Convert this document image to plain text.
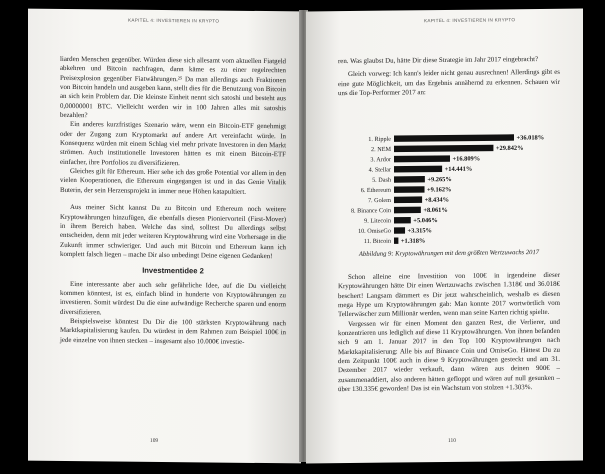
KAPITEL 4: INVESTIEREN IN KRYPTO

liarden Menschen gegenüber. Würden diese sich allesamt vom aktuellen Fiatgeld abkehren und Bitcoin nachfragen, dann käme es zu einer regelrechten Preisexplosion gegenüber Fiatwährungen.²⁵ Da man allerdings auch Fraktionen von Bitcoin handeln und ausgeben kann, stellt dies für die Benutzung von Bitcoin an sich kein Problem dar. Die kleinste Einheit nennt sich satoshi und besteht aus 0,00000001 BTC. Vielleicht werden wir in 100 Jahren alles mit satoshis bezahlen?

Ein anderes kurzfristiges Szenario wäre, wenn ein Bitcoin-ETF genehmigt oder der Zugang zum Kryptomarkt auf andere Art vereinfacht würde. In Konsequenz würden mit einem Schlag viel mehr private Investoren in den Markt strömen. Auch institutionelle Investoren hätten es mit einem Bitcoin-ETF einfacher, ihre Portfolios zu diversifizieren.

Gleiches gilt für Ethereum. Hier sehe ich das große Potential vor allem in den vielen Kooperationen, die Ethereum eingegangen ist und in das Genie Vitalik Buterin, der sein Herzensprojekt in immer neue Höhen katapultiert.

Aus meiner Sicht kannst Du zu Bitcoin und Ethereum noch weitere Kryptowährungen hinzufügen, die ebenfalls diesen Pioniervorteil (First-Mover) in ihrem Bereich haben. Welche das sind, solltest Du allerdings selbst entscheiden, denn mit jeder weiteren Kryptowährung wird eine Vorhersage in die Zukunft immer schwieriger. Und auch mit Bitcoin und Ethereum kann ich komplett falsch liegen – mache Dir also unbedingt Deine eigenen Gedanken!

Investmentidee 2

Eine interessante aber auch sehr gefährliche Idee, auf die Du vielleicht kommen könntest, ist es, einfach blind in hunderte von Kryptowährungen zu investieren. Somit würdest Du die eine aufwändige Recherche sparen und enorm diversifizieren.

Beispielsweise könntest Du Dir die 100 stärksten Kryptowährung nach Marktkapitalisierung kaufen. Du würdest in dem Rahmen zum Beispiel 100€ in jede einzelne von ihnen stecken – insgesamt also 10.000€ investie-

109
KAPITEL 4: INVESTIEREN IN KRYPTO

ren. Was glaubst Du, hätte Dir diese Strategie im Jahr 2017 eingebracht?

Gleich vorweg: Ich kann's leider nicht genau ausrechnen! Allerdings gibt es eine gute Möglichkeit, um das Ergebnis annähernd zu erkennen. Schauen wir uns die Top-Performer 2017 an:

1. Ripple	+36.018%
2. NEM	+29.842%
3. Ardor	+16.809%
4. Stellar	+14.441%
5. Dash	+9.265%
6. Ethereum	+9.162%
7. Golem	+8.434%
8. Binance Coin	+8.061%
9. Litecoin	+5.046%
10. OmiseGo	+3.315%
11. Bitcoin +1.318%
Abbildung 9: Kryptowährungen mit dem größten Wertzuwachs 2017

Schon alleine eine Investition von 100€ in irgendeine dieser Kryptowährungen hätte Dir einen Wertzuwachs zwischen 1.318€ und 36.018€ beschert! Langsam dämmert es Dir jetzt wahrscheinlich, weshalb es diesen mega Hype um Kryptowährungen gab: Man konnte 2017 wortwörtlich vom Tellerwäscher zum Millionär werden, wenn man seine Karten richtig spielte.

Vergessen wir für einen Moment den ganzen Rest, die Verlierer, und konzentrieren uns lediglich auf diese 11 Kryptowährungen. Von ihnen befanden sich 9 am 1. Januar 2017 in den Top 100 Kryptowährungen nach Marktkapitalisierung: Alle bis auf Binance Coin und OmiseGo. Hättest Du zu dem Zeitpunkt 100€ auch in diese 9 Kryptowährungen gesteckt und am 31. Dezember 2017 wieder verkauft, dann wären aus deinen 900€ – zusammenaddiert, also anderen hätten gefloppt und wären auf null gesunken – über 130.335€ geworden! Das ist ein Wachstum von stolzen +1.303%.

110
